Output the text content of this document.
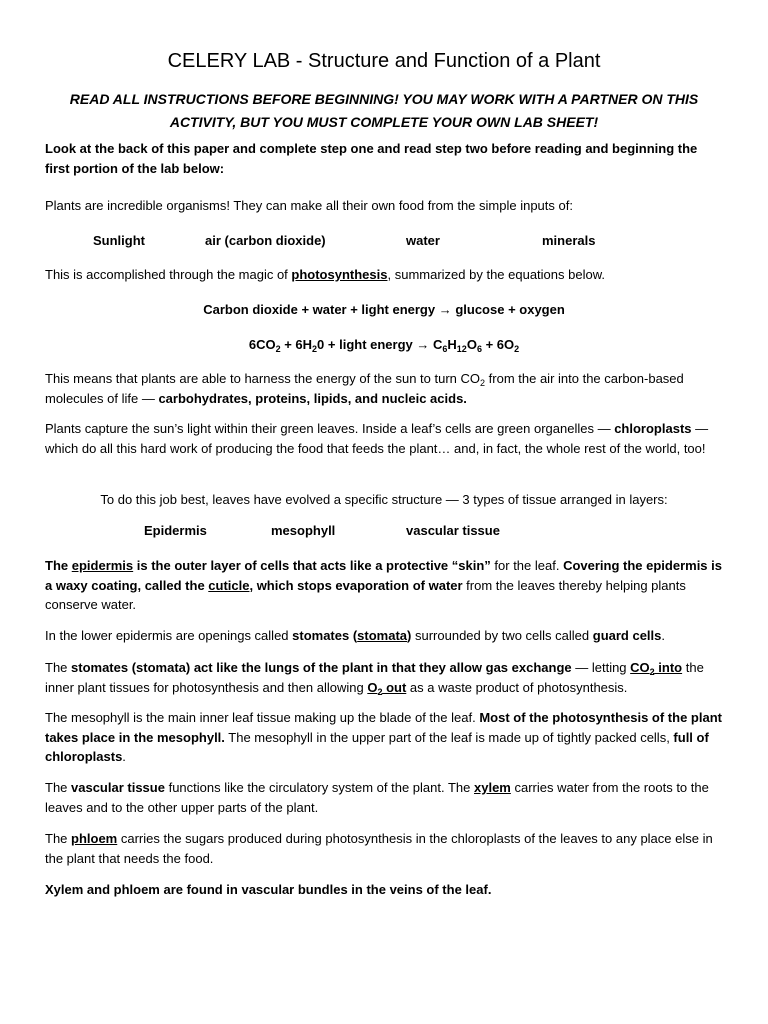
CELERY LAB - Structure and Function of a Plant
READ ALL INSTRUCTIONS BEFORE BEGINNING! YOU MAY WORK WITH A PARTNER ON THIS
ACTIVITY, BUT YOU MUST COMPLETE YOUR OWN LAB SHEET!

Look at the back of this paper and complete step one and read step two before reading and beginning the first portion of the lab below:

Plants are incredible organisms! They can make all their own food from the simple inputs of:

Sunlight	air (carbon dioxide)	water	minerals

This is accomplished through the magic of photosynthesis, summarized by the equations below.

Carbon dioxide + water + light energy → glucose + oxygen

$6CO_2 + 6H_20$ + light energy → $C_6H_{12}O_6 + 6O_2$

This means that plants are able to harness the energy of the sun to turn $CO_2$ from the air into the carbon-based molecules of life — carbohydrates, proteins, lipids, and nucleic acids.

Plants capture the sun’s light within their green leaves. Inside a leaf’s cells are green organelles — chloroplasts — which do all this hard work of producing the food that feeds the plant… and, in fact, the whole rest of the world, too!

To do this job best, leaves have evolved a specific structure — 3 types of tissue arranged in layers:

Epidermis	mesophyll	vascular tissue

The epidermis is the outer layer of cells that acts like a protective “skin” for the leaf. Covering the epidermis is a waxy coating, called the cuticle, which stops evaporation of water from the leaves thereby helping plants conserve water.

In the lower epidermis are openings called stomates (stomata) surrounded by two cells called guard cells.

The stomates (stomata) act like the lungs of the plant in that they allow gas exchange — letting $CO_2$ into the inner plant tissues for photosynthesis and then allowing $O_2$ out as a waste product of photosynthesis.

The mesophyll is the main inner leaf tissue making up the blade of the leaf. Most of the photosynthesis of the plant takes place in the mesophyll. The mesophyll in the upper part of the leaf is made up of tightly packed cells, full of chloroplasts.

The vascular tissue functions like the circulatory system of the plant. The xylem carries water from the roots to the leaves and to the other upper parts of the plant.

The phloem carries the sugars produced during photosynthesis in the chloroplasts of the leaves to any place else in the plant that needs the food.

Xylem and phloem are found in vascular bundles in the veins of the leaf.
